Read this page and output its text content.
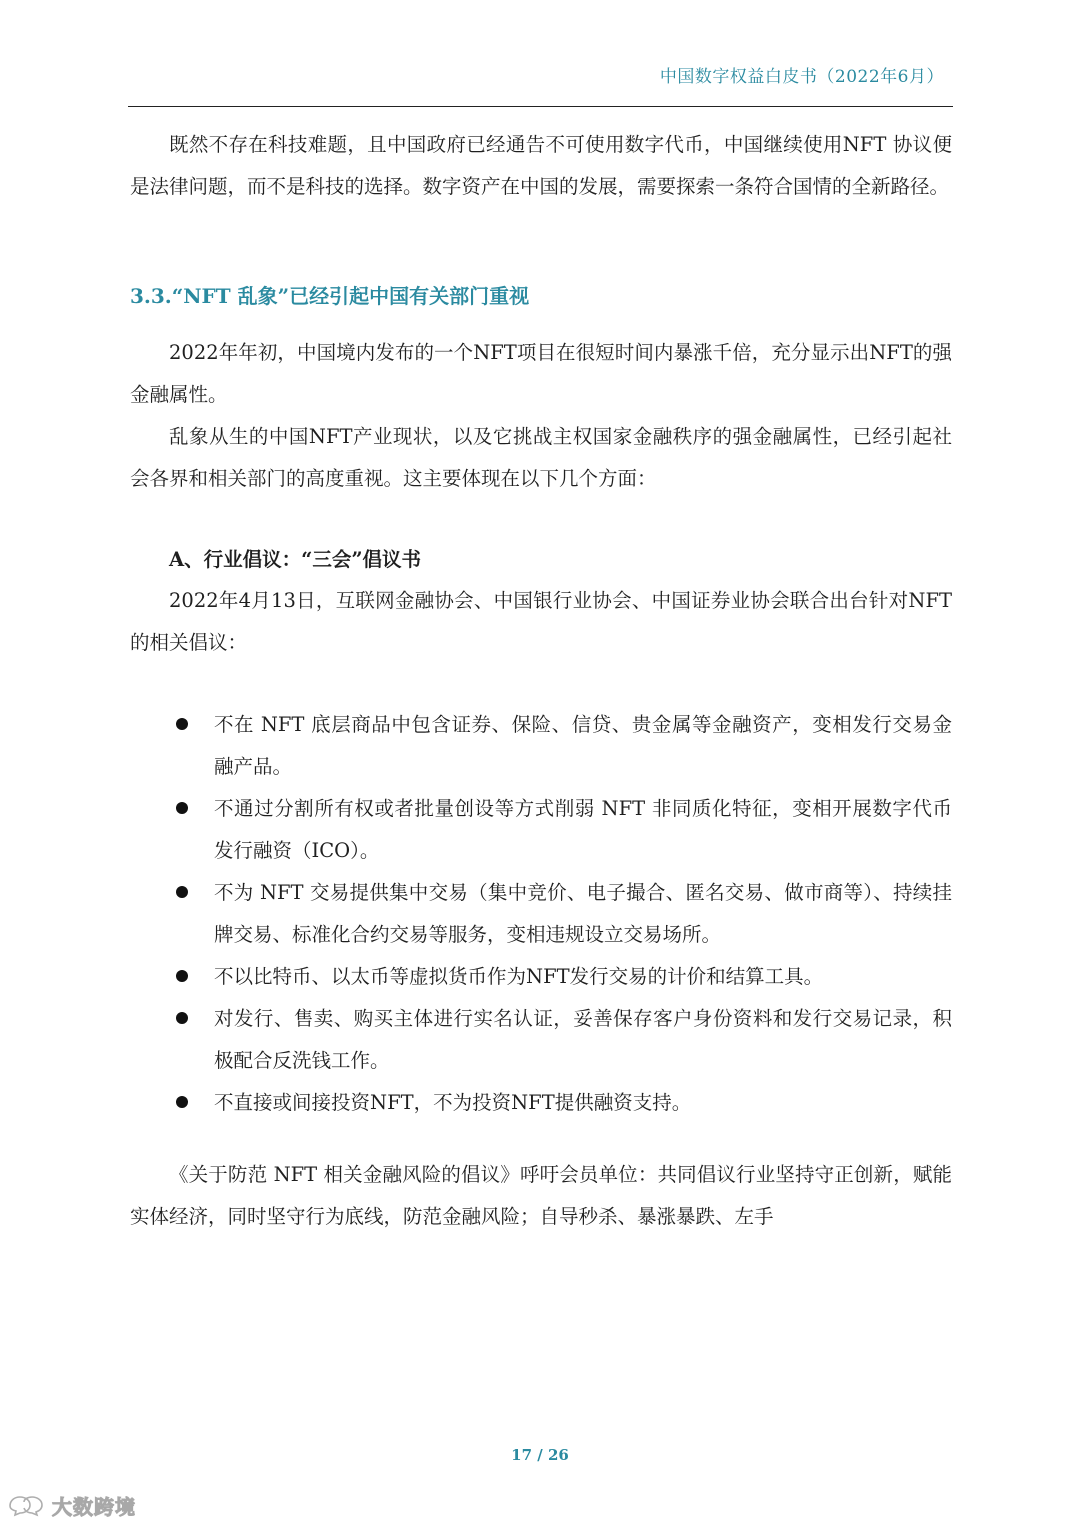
中国数字权益白皮书（2022年6月）

既然不存在科技难题，且中国政府已经通告不可使用数字代币，中国继续使用NFT 协议便是法律问题，而不是科技的选择。数字资产在中国的发展，需要探索一条符合国情的全新路径。

3.3.“NFT 乱象”已经引起中国有关部门重视

2022年年初，中国境内发布的一个NFT项目在很短时间内暴涨千倍，充分显示出NFT的强金融属性。

乱象从生的中国NFT产业现状，以及它挑战主权国家金融秩序的强金融属性，已经引起社会各界和相关部门的高度重视。这主要体现在以下几个方面：

A、行业倡议：“三会”倡议书

2022年4月13日，互联网金融协会、中国银行业协会、中国证券业协会联合出台针对NFT的相关倡议：

不在 NFT 底层商品中包含证券、保险、信贷、贵金属等金融资产，变相发行交易金融产品。
不通过分割所有权或者批量创设等方式削弱 NFT 非同质化特征，变相开展数字代币发行融资（ICO）。
不为 NFT 交易提供集中交易（集中竞价、电子撮合、匿名交易、做市商等）、持续挂牌交易、标准化合约交易等服务，变相违规设立交易场所。
不以比特币、以太币等虚拟货币作为NFT发行交易的计价和结算工具。
对发行、售卖、购买主体进行实名认证，妥善保存客户身份资料和发行交易记录，积极配合反洗钱工作。
不直接或间接投资NFT，不为投资NFT提供融资支持。

《关于防范 NFT 相关金融风险的倡议》呼吁会员单位：共同倡议行业坚持守正创新，赋能实体经济，同时坚守行为底线，防范金融风险；自导秒杀、暴涨暴跌、左手

17 / 26
大数跨境
